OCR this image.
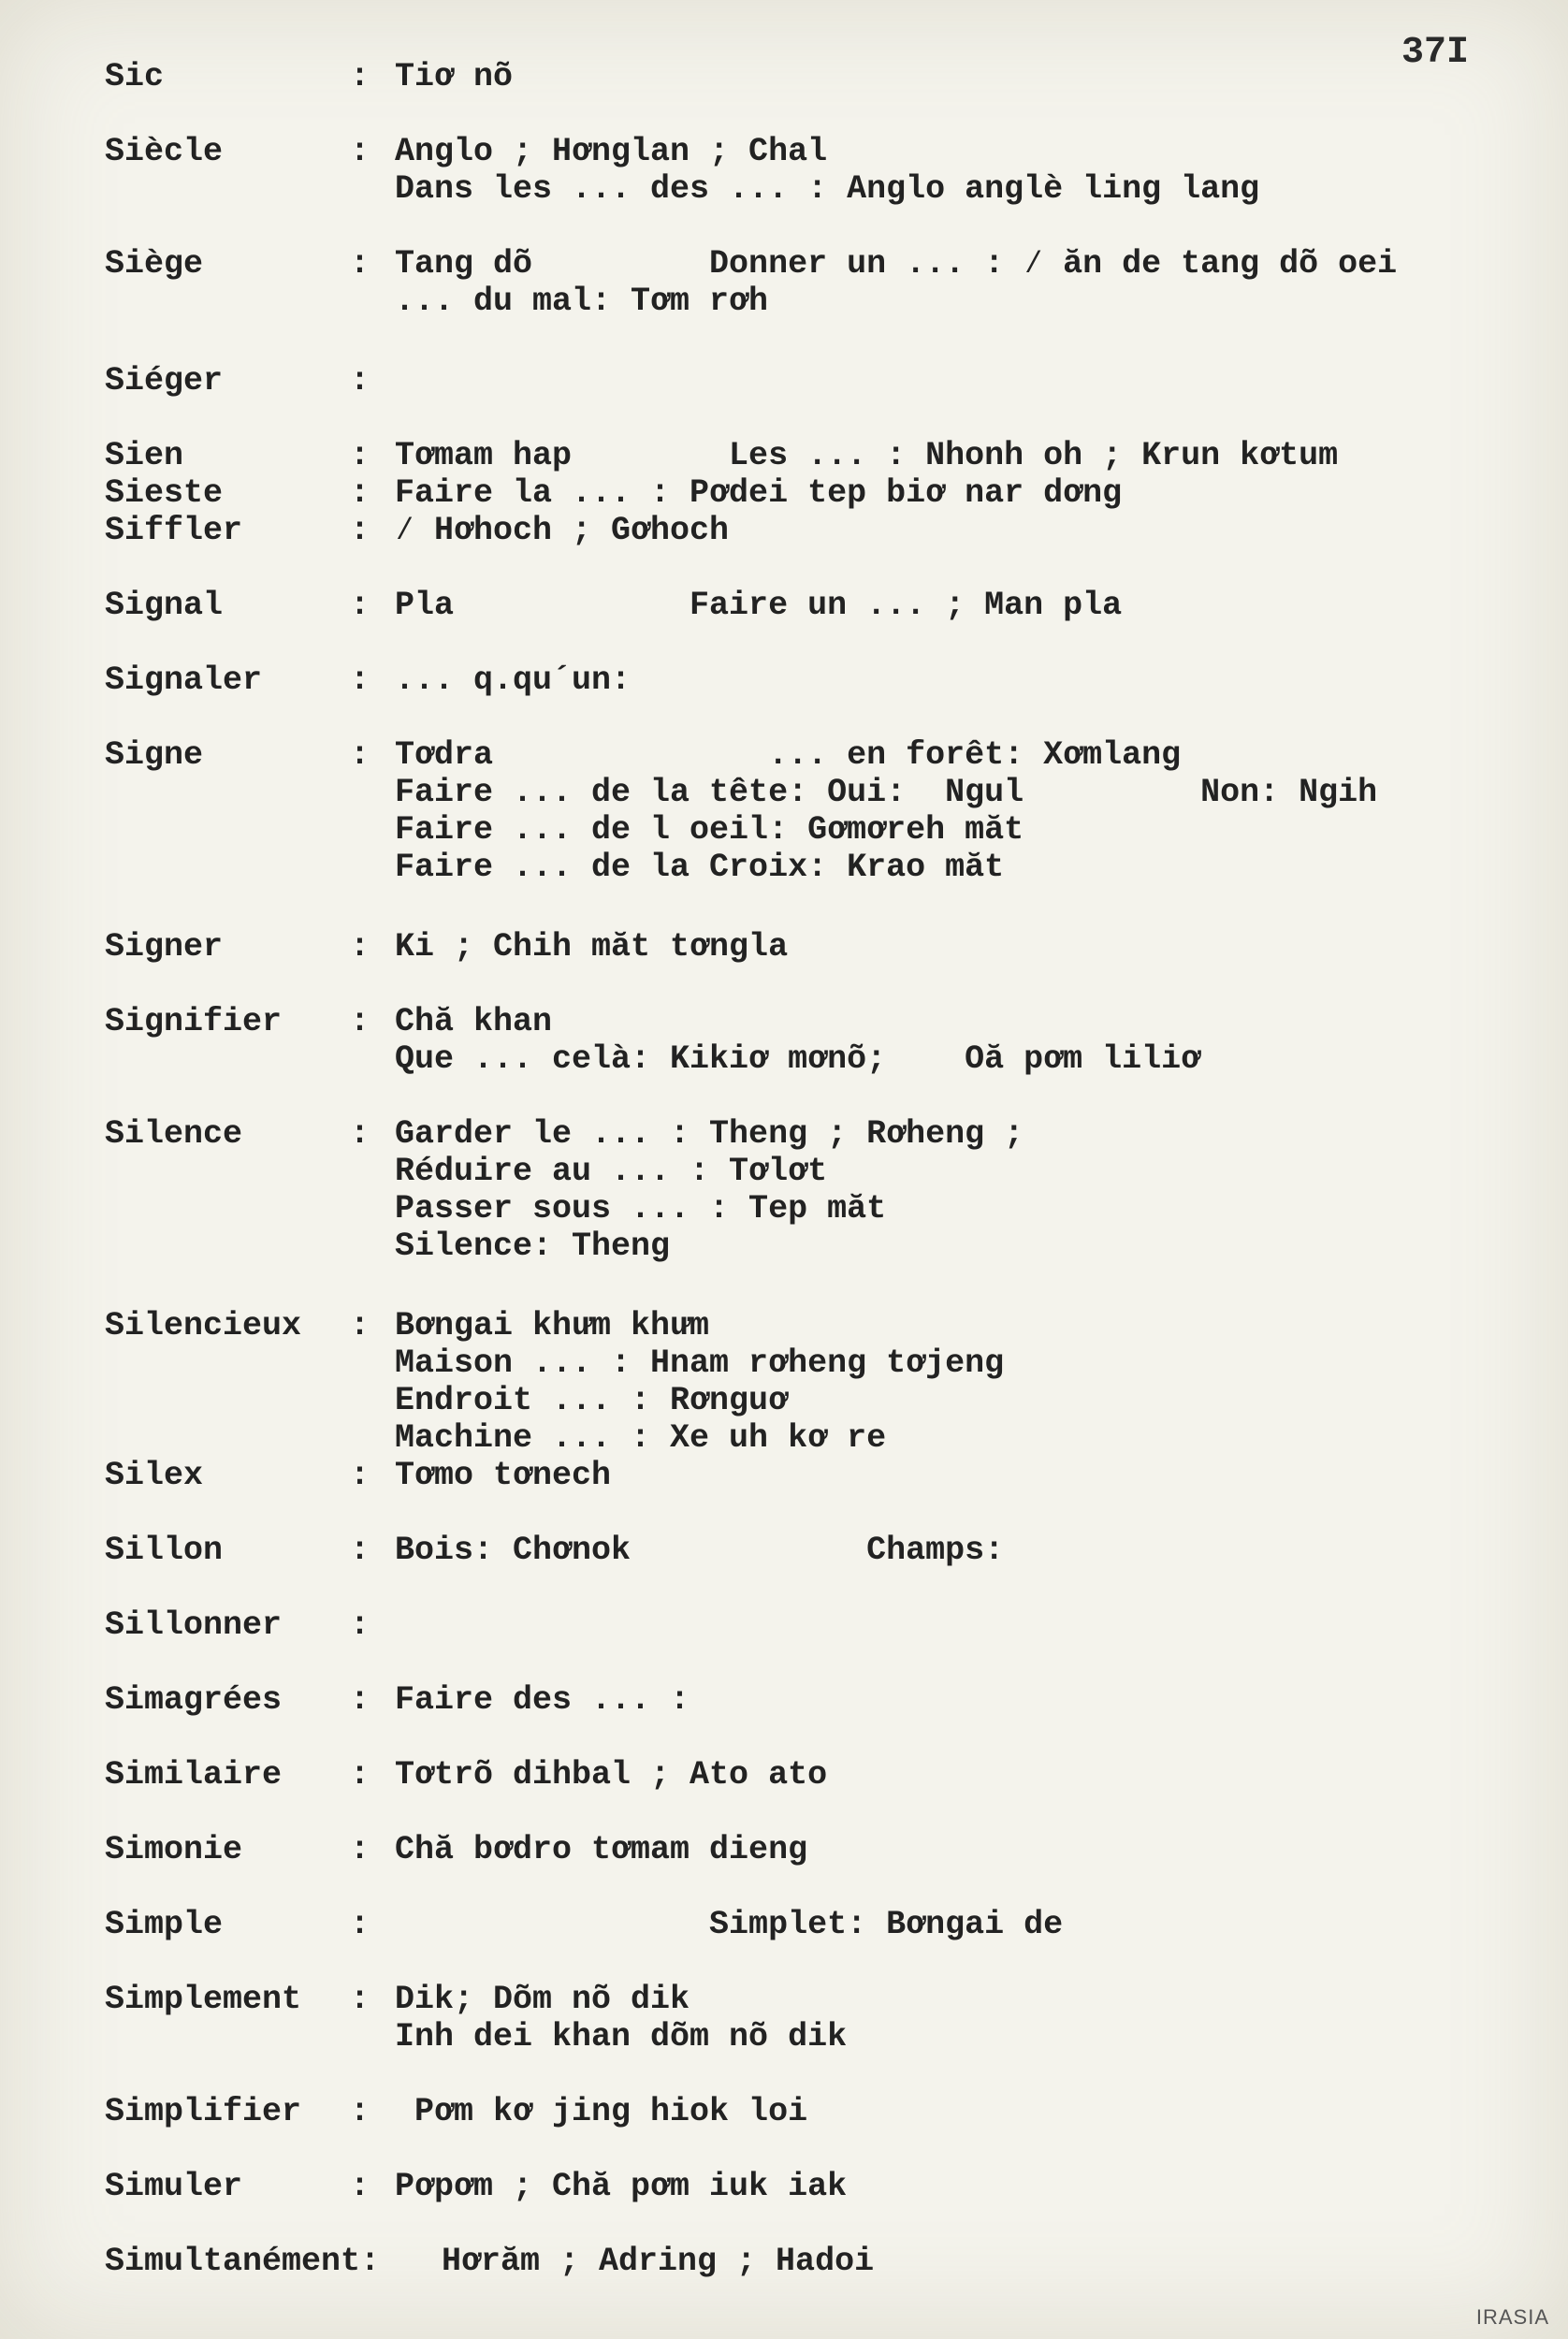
37I
Sic	: Tiơ nõ
Siècle	: Anglo ; Hơnglan ; Chal
Dans les ... des ... : Anglo anglè ling lang
Siège	: Tang dõ         Donner un ... : ⁄ ăn de tang dõ oei
... du mal: Tơm rơh
Siéger	:
Sien	: Tơmam hap        Les ... : Nhonh oh ; Krun kơtum
Sieste	: Faire la ... : Pơdei tep biơ nar dơng
Siffler	: ⁄ Hơhoch ; Gơhoch
Signal	: Pla            Faire un ... ; Man pla
Signaler	: ... q.qu´un:
Signe	: Tơdra              ... en forêt: Xơmlang
Faire ... de la tête: Oui:  Ngul         Non: Ngih
Faire ... de l oeil: Gơmơreh măt
Faire ... de la Croix: Krao măt
Signer	: Ki ; Chih măt tơngla
Signifier : Chă khan
Que ... celà: Kikiơ mơnõ;    Oă pơm liliơ
Silence	: Garder le ... : Theng ; Rơheng ;
Réduire au ... : Tơlơt
Passer sous ... : Tep măt
Silence: Theng
Silencieux : Bơngai khưm khưm
Maison ... : Hnam rơheng tơjeng
Endroit ... : Rơnguơ
Machine ... : Xe uh kơ re
Silex	: Tơmo tơnech
Sillon	: Bois: Chơnok            Champs:
Sillonner :
Simagrées : Faire des ... :
Similaire : Tơtrõ dihbal ; Ato ato
Simonie	: Chă bơdro tơmam dieng
Simple	: Simplet: Bơngai de
Simplement : Dik; Dõm nõ dik
Inh dei khan dõm nõ dik
Simplifier : Pơm kơ jing hiok loi
Simuler	: Pơpơm ; Chă pơm iuk iak
Simultanément: Hơrăm ; Adring ; Hadoi
IRASIA
